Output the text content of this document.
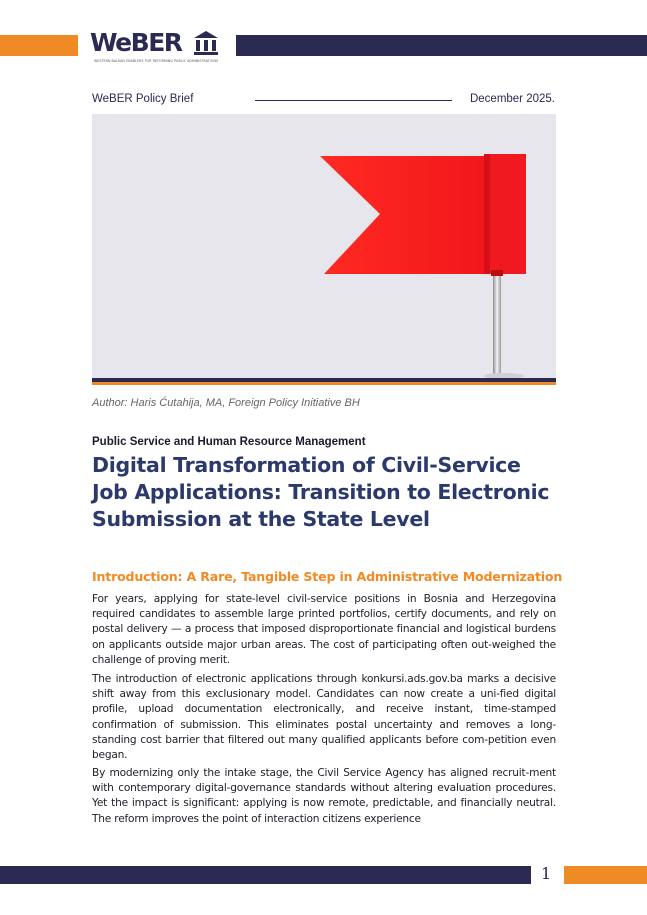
WeBER
WESTERN BALKAN ENABLERS FOR REFORMING PUBLIC ADMINISTRATIONS
WeBER Policy Brief	December 2025.
Author: Haris Ćutahija, MA, Foreign Policy Initiative BH
Public Service and Human Resource Management
Digital Transformation of Civil-Service Job Applications: Transition to Electronic Submission at the State Level
Introduction: A Rare, Tangible Step in Administrative Modernization

For years, applying for state-level civil-service positions in Bosnia and Herzegovina required candidates to assemble large printed portfolios, certify documents, and rely on postal delivery — a process that imposed disproportionate financial and logistical burdens on applicants outside major urban areas. The cost of participating often out-weighed the challenge of proving merit.

The introduction of electronic applications through konkursi.ads.gov.ba marks a decisive shift away from this exclusionary model. Candidates can now create a uni-fied digital profile, upload documentation electronically, and receive instant, time-stamped confirmation of submission. This eliminates postal uncertainty and removes a long-standing cost barrier that filtered out many qualified applicants before com-petition even began.

By modernizing only the intake stage, the Civil Service Agency has aligned recruit-ment with contemporary digital-governance standards without altering evaluation procedures. Yet the impact is significant: applying is now remote, predictable, and financially neutral. The reform improves the point of interaction citizens experience

1
